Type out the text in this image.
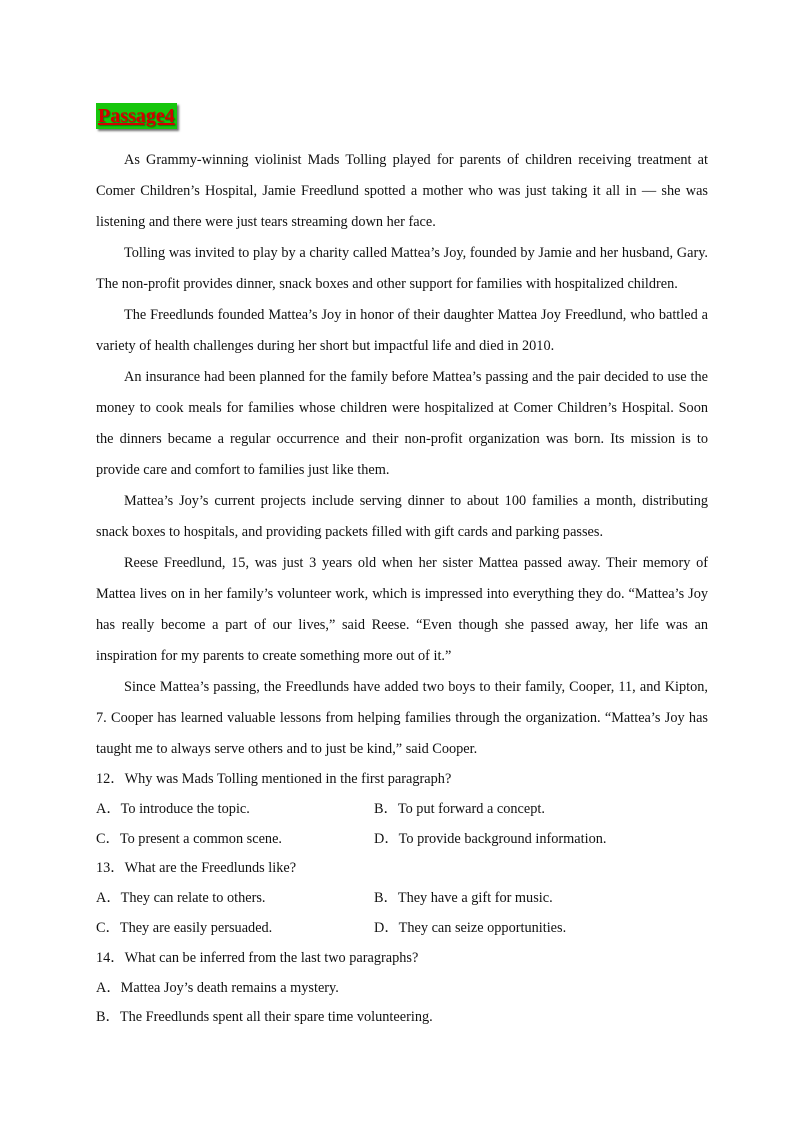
Passage4

As Grammy-winning violinist Mads Tolling played for parents of children receiving treatment at Comer Children’s Hospital, Jamie Freedlund spotted a mother who was just taking it all in — she was listening and there were just tears streaming down her face.

Tolling was invited to play by a charity called Mattea’s Joy, founded by Jamie and her husband, Gary. The non-profit provides dinner, snack boxes and other support for families with hospitalized children.

The Freedlunds founded Mattea’s Joy in honor of their daughter Mattea Joy Freedlund, who battled a variety of health challenges during her short but impactful life and died in 2010.

An insurance had been planned for the family before Mattea’s passing and the pair decided to use the money to cook meals for families whose children were hospitalized at Comer Children’s Hospital. Soon the dinners became a regular occurrence and their non-profit organization was born. Its mission is to provide care and comfort to families just like them.

Mattea’s Joy’s current projects include serving dinner to about 100 families a month, distributing snack boxes to hospitals, and providing packets filled with gift cards and parking passes.

Reese Freedlund, 15, was just 3 years old when her sister Mattea passed away. Their memory of Mattea lives on in her family’s volunteer work, which is impressed into everything they do. “Mattea’s Joy has really become a part of our lives,” said Reese. “Even though she passed away, her life was an inspiration for my parents to create something more out of it.”

Since Mattea’s passing, the Freedlunds have added two boys to their family, Cooper, 11, and Kipton, 7. Cooper has learned valuable lessons from helping families through the organization. “Mattea’s Joy has taught me to always serve others and to just be kind,” said Cooper.

12．Why was Mads Tolling mentioned in the first paragraph?

A．To introduce the topic.	B．To put forward a concept.
C．To present a common scene.	D．To provide background information.

13．What are the Freedlunds like?

A．They can relate to others.	B．They have a gift for music.
C．They are easily persuaded.	D．They can seize opportunities.

14．What can be inferred from the last two paragraphs?

A．Mattea Joy’s death remains a mystery.
B．The Freedlunds spent all their spare time volunteering.
